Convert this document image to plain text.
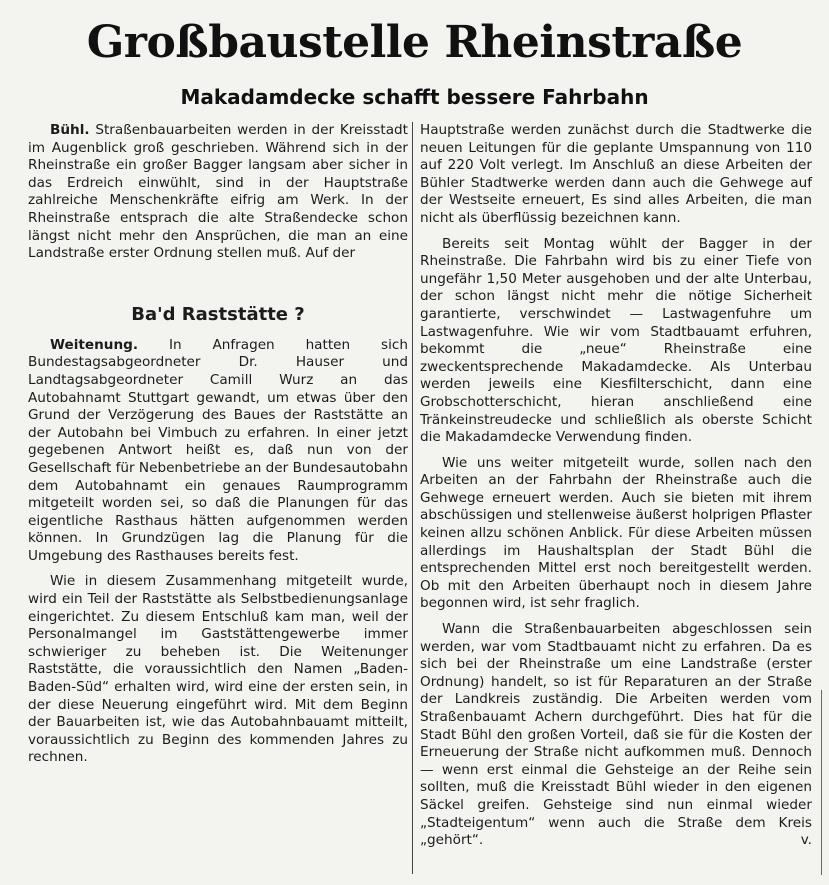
Großbaustelle Rheinstraße
Makadamdecke schafft bessere Fahrbahn

Bühl. Straßenbauarbeiten werden in der Kreisstadt im Augenblick groß geschrieben. Während sich in der Rheinstraße ein großer Bagger langsam aber sicher in das Erdreich einwühlt, sind in der Hauptstraße zahlreiche Menschenkräfte eifrig am Werk. In der Rheinstraße entsprach die alte Straßendecke schon längst nicht mehr den Ansprüchen, die man an eine Landstraße erster Ordnung stellen muß. Auf der

Ba'd Raststätte ?

Weitenung. In Anfragen hatten sich Bundestagsabgeordneter Dr. Hauser und Landtagsabgeordneter Camill Wurz an das Autobahnamt Stuttgart gewandt, um etwas über den Grund der Verzögerung des Baues der Raststätte an der Autobahn bei Vimbuch zu erfahren. In einer jetzt gegebenen Antwort heißt es, daß nun von der Gesellschaft für Nebenbetriebe an der Bundesautobahn dem Autobahnamt ein genaues Raumprogramm mitgeteilt worden sei, so daß die Planungen für das eigentliche Rasthaus hätten aufgenommen werden können. In Grundzügen lag die Planung für die Umgebung des Rasthauses bereits fest.

Wie in diesem Zusammenhang mitgeteilt wurde, wird ein Teil der Raststätte als Selbstbedienungsanlage eingerichtet. Zu diesem Entschluß kam man, weil der Personalmangel im Gaststättengewerbe immer schwieriger zu beheben ist. Die Weitenunger Raststätte, die voraussichtlich den Namen „Baden-Baden-Süd“ erhalten wird, wird eine der ersten sein, in der diese Neuerung eingeführt wird. Mit dem Beginn der Bauarbeiten ist, wie das Autobahnbauamt mitteilt, voraussichtlich zu Beginn des kommenden Jahres zu rechnen.

Hauptstraße werden zunächst durch die Stadtwerke die neuen Leitungen für die geplante Umspannung von 110 auf 220 Volt verlegt. Im Anschluß an diese Arbeiten der Bühler Stadtwerke werden dann auch die Gehwege auf der Westseite erneuert, Es sind alles Arbeiten, die man nicht als überflüssig bezeichnen kann.

Bereits seit Montag wühlt der Bagger in der Rheinstraße. Die Fahrbahn wird bis zu einer Tiefe von ungefähr 1,50 Meter ausgehoben und der alte Unterbau, der schon längst nicht mehr die nötige Sicherheit garantierte, verschwindet — Lastwagenfuhre um Lastwagenfuhre. Wie wir vom Stadtbauamt erfuhren, bekommt die „neue“ Rheinstraße eine zweckentsprechende Makadamdecke. Als Unterbau werden jeweils eine Kiesfilterschicht, dann eine Grobschotterschicht, hieran anschließend eine Tränkeinstreudecke und schließlich als oberste Schicht die Makadamdecke Verwendung finden.

Wie uns weiter mitgeteilt wurde, sollen nach den Arbeiten an der Fahrbahn der Rheinstraße auch die Gehwege erneuert werden. Auch sie bieten mit ihrem abschüssigen und stellenweise äußerst holprigen Pflaster keinen allzu schönen Anblick. Für diese Arbeiten müssen allerdings im Haushaltsplan der Stadt Bühl die entsprechenden Mittel erst noch bereitgestellt werden. Ob mit den Arbeiten überhaupt noch in diesem Jahre begonnen wird, ist sehr fraglich.

Wann die Straßenbauarbeiten abgeschlossen sein werden, war vom Stadtbauamt nicht zu erfahren. Da es sich bei der Rheinstraße um eine Landstraße (erster Ordnung) handelt, so ist für Reparaturen an der Straße der Landkreis zuständig. Die Arbeiten werden vom Straßenbauamt Achern durchgeführt. Dies hat für die Stadt Bühl den großen Vorteil, daß sie für die Kosten der Erneuerung der Straße nicht aufkommen muß. Dennoch — wenn erst einmal die Gehsteige an der Reihe sein sollten, muß die Kreisstadt Bühl wieder in den eigenen Säckel greifen. Gehsteige sind nun einmal wieder „Stadteigentum“ wenn auch die Straße dem Kreis „gehört“.	v.
